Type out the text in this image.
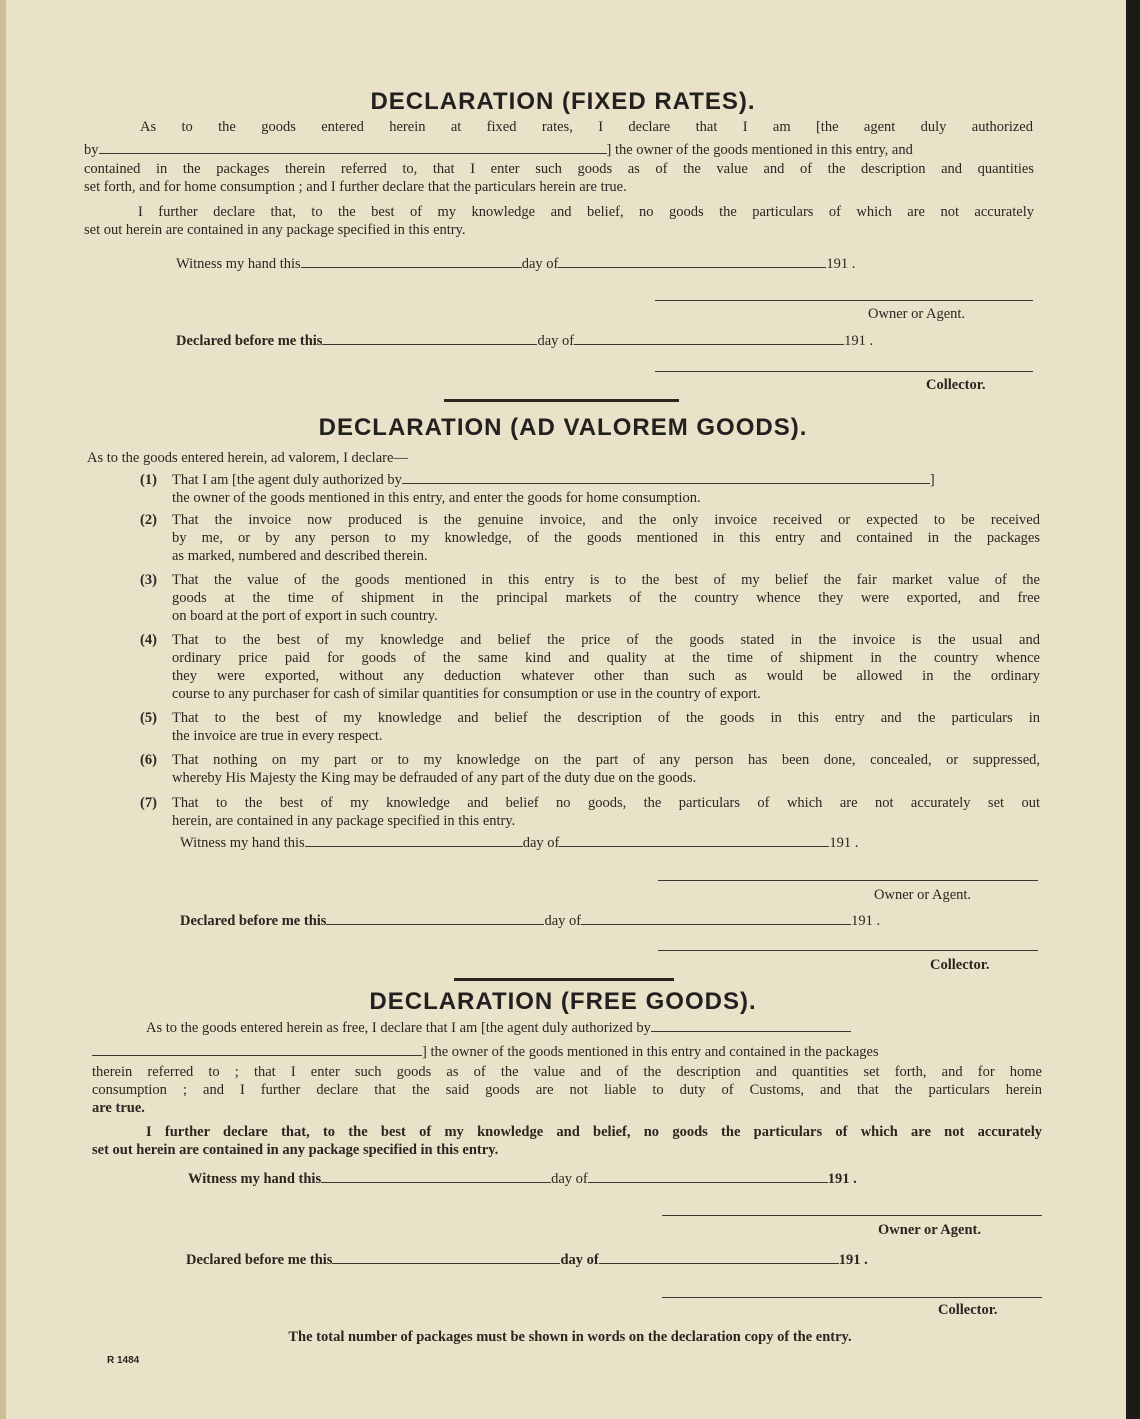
DECLARATION (FIXED RATES).
As to the goods entered herein at fixed rates, I declare that I am [the agent duly authorized
by	] the owner of the goods mentioned in this entry, and
contained in the packages therein referred to, that I enter such goods as of the value and of the description and quantities
set forth, and for home consumption ; and I further declare that the particulars herein are true.
I further declare that, to the best of my knowledge and belief, no goods the particulars of which are not accurately
set out herein are contained in any package specified in this entry.
Witness my hand this	day of	191 .
Owner or Agent.
Declared before me this	day of	191 .
Collector.
DECLARATION (AD VALOREM GOODS).
As to the goods entered herein, ad valorem, I declare—
(1) That I am [the agent duly authorized by	]
the owner of the goods mentioned in this entry, and enter the goods for home consumption.
(2) That the invoice now produced is the genuine invoice, and the only invoice received or expected to be received
by me, or by any person to my knowledge, of the goods mentioned in this entry and contained in the packages
as marked, numbered and described therein.
(3) That the value of the goods mentioned in this entry is to the best of my belief the fair market value of the
goods at the time of shipment in the principal markets of the country whence they were exported, and free
on board at the port of export in such country.
(4) That to the best of my knowledge and belief the price of the goods stated in the invoice is the usual and
ordinary price paid for goods of the same kind and quality at the time of shipment in the country whence
they were exported, without any deduction whatever other than such as would be allowed in the ordinary
course to any purchaser for cash of similar quantities for consumption or use in the country of export.
(5) That to the best of my knowledge and belief the description of the goods in this entry and the particulars in
the invoice are true in every respect.
(6) That nothing on my part or to my knowledge on the part of any person has been done, concealed, or suppressed,
whereby His Majesty the King may be defrauded of any part of the duty due on the goods.
(7) That to the best of my knowledge and belief no goods, the particulars of which are not accurately set out
herein, are contained in any package specified in this entry.
Witness my hand this	day of	191 .
Owner or Agent.
Declared before me this	day of	191 .
Collector.
DECLARATION (FREE GOODS).
As to the goods entered herein as free, I declare that I am [the agent duly authorized by
] the owner of the goods mentioned in this entry and contained in the packages
therein referred to ; that I enter such goods as of the value and of the description and quantities set forth, and for home
consumption ; and I further declare that the said goods are not liable to duty of Customs, and that the particulars herein
are true.
I further declare that, to the best of my knowledge and belief, no goods the particulars of which are not accurately
set out herein are contained in any package specified in this entry.
Witness my hand this	day of	191 .
Owner or Agent.
Declared before me this	day of	191 .
Collector.
The total number of packages must be shown in words on the declaration copy of the entry.
R 1484
